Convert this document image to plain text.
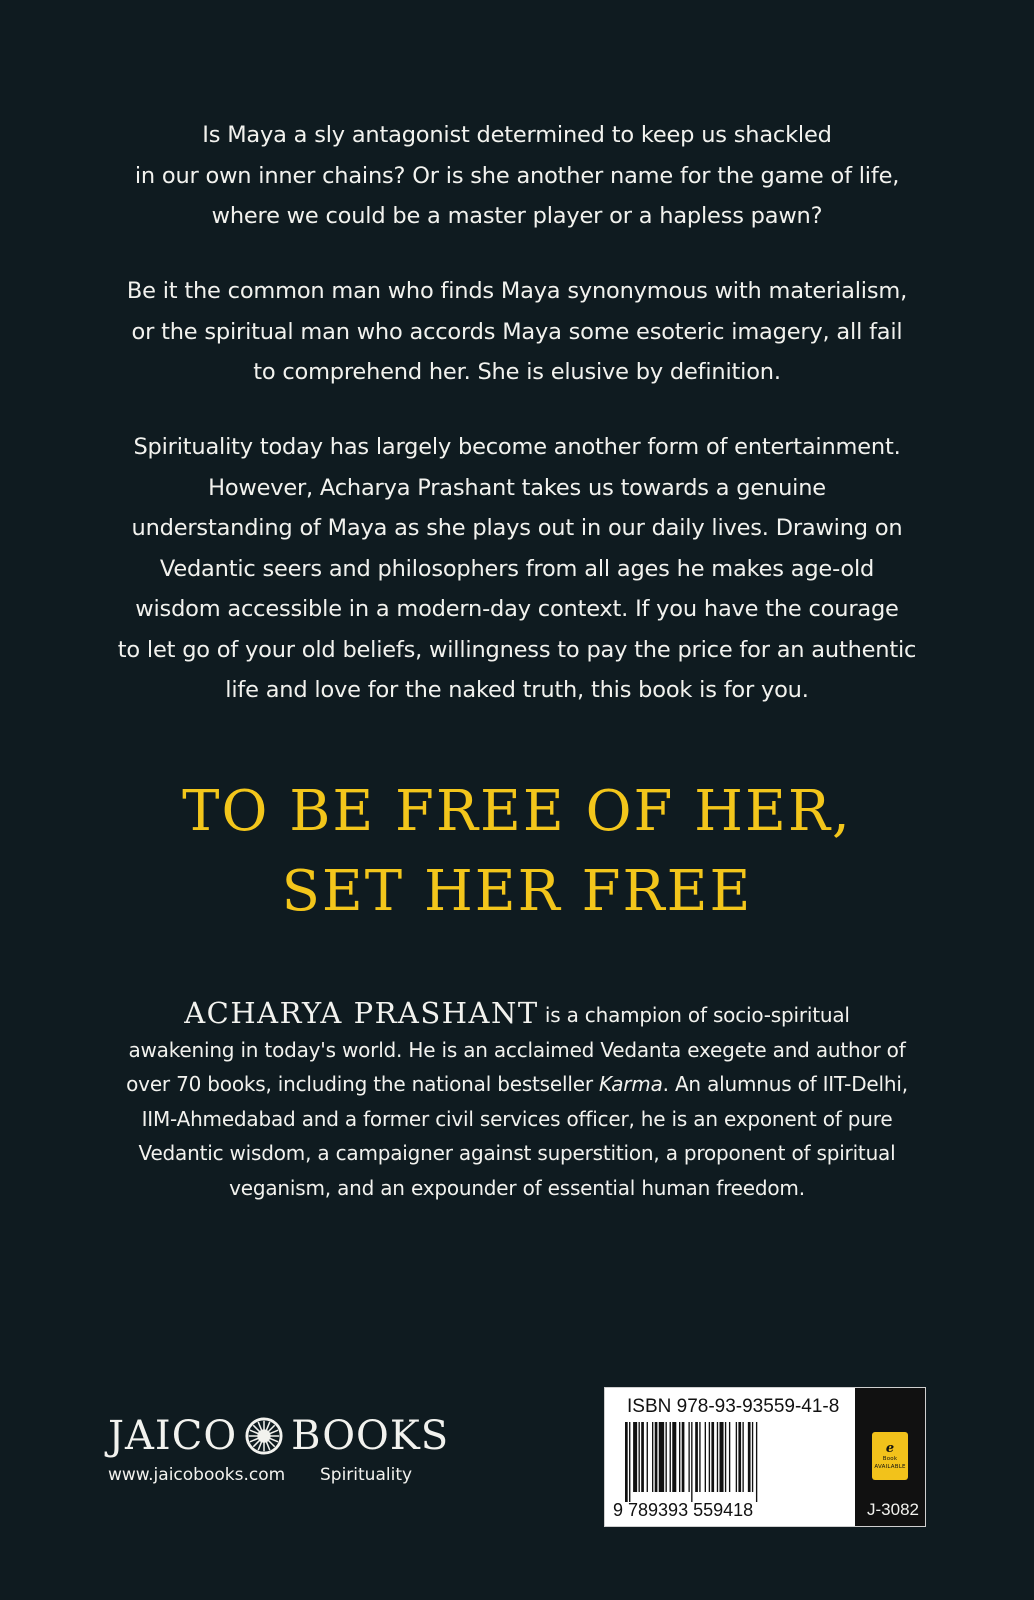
Is Maya a sly antagonist determined to keep us shackled
in our own inner chains? Or is she another name for the game of life,
where we could be a master player or a hapless pawn?
Be it the common man who finds Maya synonymous with materialism,
or the spiritual man who accords Maya some esoteric imagery, all fail
to comprehend her. She is elusive by definition.
Spirituality today has largely become another form of entertainment.
However, Acharya Prashant takes us towards a genuine
understanding of Maya as she plays out in our daily lives. Drawing on
Vedantic seers and philosophers from all ages he makes age-old
wisdom accessible in a modern-day context. If you have the courage
to let go of your old beliefs, willingness to pay the price for an authentic
life and love for the naked truth, this book is for you.
TO BE FREE OF HER,
SET HER FREE
ACHARYA PRASHANT is a champion of socio-spiritual
awakening in today's world. He is an acclaimed Vedanta exegete and author of
over 70 books, including the national bestseller Karma. An alumnus of IIT-Delhi,
IIM-Ahmedabad and a former civil services officer, he is an exponent of pure
Vedantic wisdom, a campaigner against superstition, a proponent of spiritual
veganism, and an expounder of essential human freedom.
JAICO BOOKS
www.jaicobooks.com	Spirituality
ISBN 978-93-93559-41-8
9 789393 559418
e
Book
AVAILABLE
J-3082
